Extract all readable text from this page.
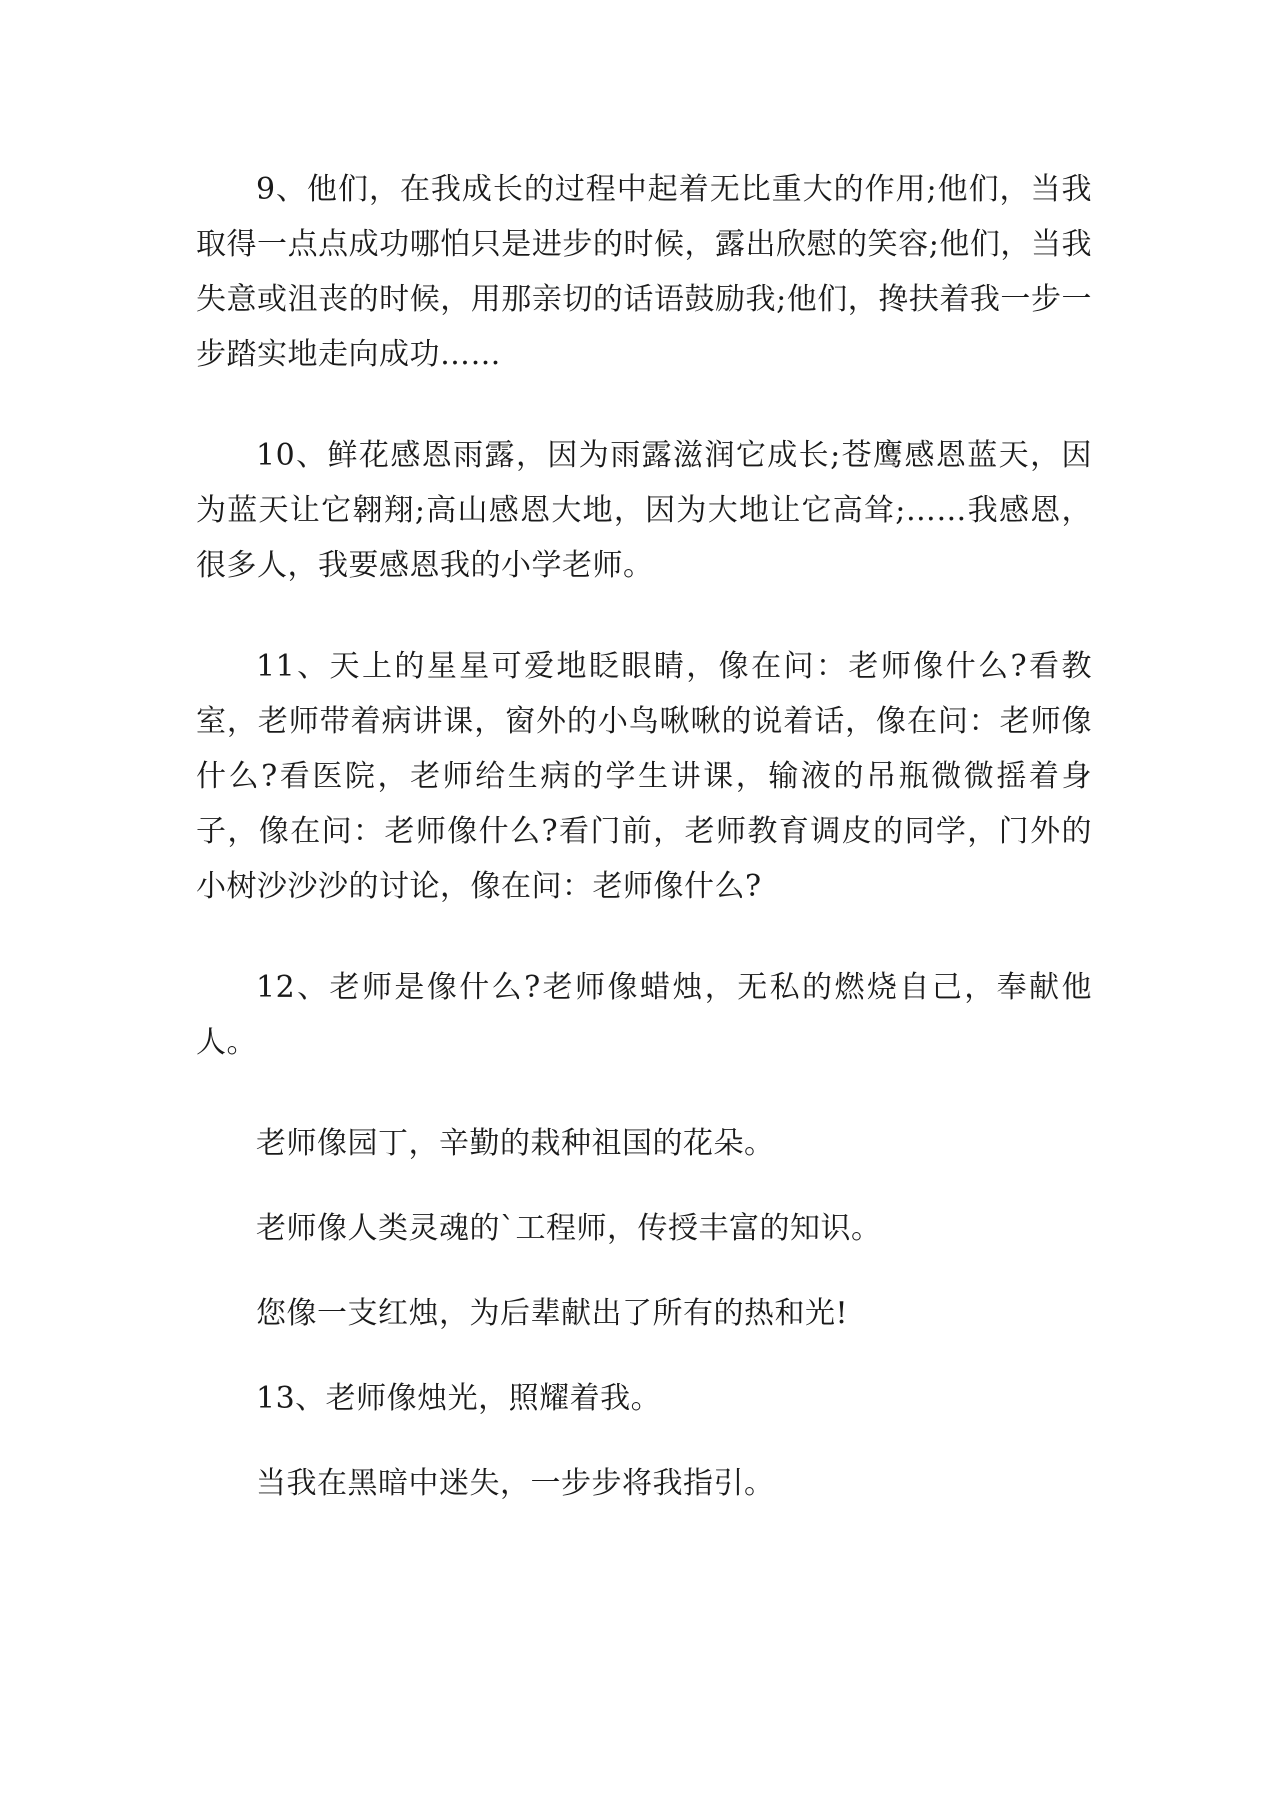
9、他们，在我成长的过程中起着无比重大的作用;他们，当我取得一点点成功哪怕只是进步的时候，露出欣慰的笑容;他们，当我失意或沮丧的时候，用那亲切的话语鼓励我;他们，搀扶着我一步一步踏实地走向成功……

10、鲜花感恩雨露，因为雨露滋润它成长;苍鹰感恩蓝天，因为蓝天让它翱翔;高山感恩大地，因为大地让它高耸;……我感恩，很多人，我要感恩我的小学老师。

11、天上的星星可爱地眨眼睛，像在问：老师像什么?看教室，老师带着病讲课，窗外的小鸟啾啾的说着话，像在问：老师像什么?看医院，老师给生病的学生讲课，输液的吊瓶微微摇着身子，像在问：老师像什么?看门前，老师教育调皮的同学，门外的小树沙沙沙的讨论，像在问：老师像什么?

12、老师是像什么?老师像蜡烛，无私的燃烧自己，奉献他人。

老师像园丁，辛勤的栽种祖国的花朵。

老师像人类灵魂的`工程师，传授丰富的知识。

您像一支红烛，为后辈献出了所有的热和光!

13、老师像烛光，照耀着我。

当我在黑暗中迷失，一步步将我指引。
